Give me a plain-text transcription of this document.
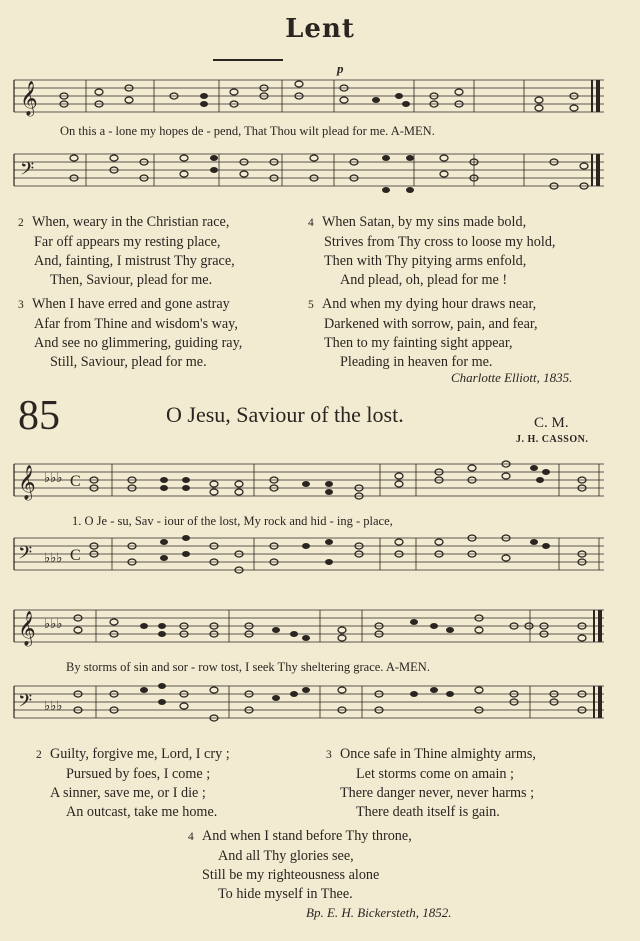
Lent
𝄞
p
On this a - lone my hopes de - pend, That Thou wilt plead for me. A-MEN.
𝄢
2 When, weary in the Christian race,
Far off appears my resting place,
And, fainting, I mistrust Thy grace,
Then, Saviour, plead for me.
3 When I have erred and gone astray
Afar from Thine and wisdom's way,
And see no glimmering, guiding ray,
Still, Saviour, plead for me.
4 When Satan, by my sins made bold,
Strives from Thy cross to loose my hold,
Then with Thy pitying arms enfold,
And plead, oh, plead for me !
5 And when my dying hour draws near,
Darkened with sorrow, pain, and fear,
Then to my fainting sight appear,
Pleading in heaven for me.
Charlotte Elliott, 1835.
85	O Jesu, Saviour of the lost.	C. M.
J. H. CASSON.
𝄞 ♭♭♭ C
1. O Je - su, Sav - iour of the lost, My rock and hid - ing - place,
𝄢 ♭♭♭ C
𝄞 ♭♭♭
By storms of sin and sor - row tost, I seek Thy sheltering grace. A-MEN.
𝄢 ♭♭♭
2 Guilty, forgive me, Lord, I cry ;
Pursued by foes, I come ;
A sinner, save me, or I die ;
An outcast, take me home.
3 Once safe in Thine almighty arms,
Let storms come on amain ;
There danger never, never harms ;
There death itself is gain.
4 And when I stand before Thy throne,
And all Thy glories see,
Still be my righteousness alone
To hide myself in Thee.
Bp. E. H. Bickersteth, 1852.
